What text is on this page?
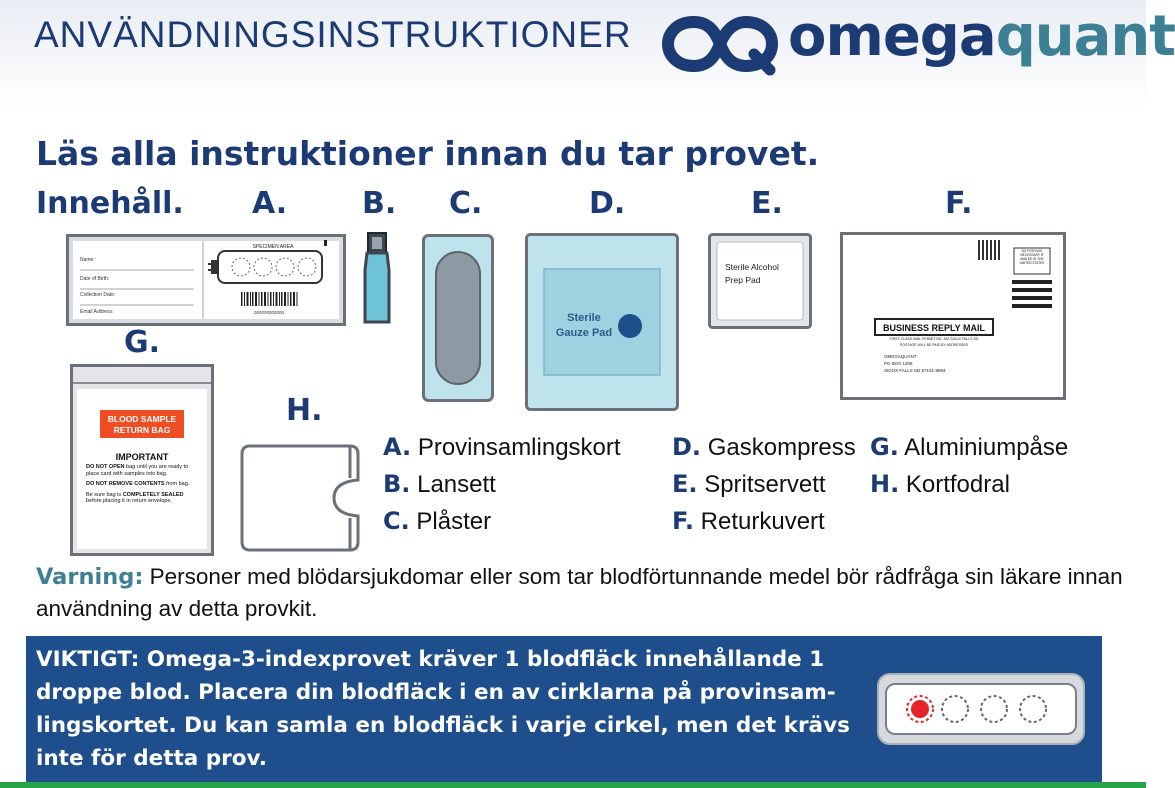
ANVÄNDNINGSINSTRUKTIONER	omegaquant
Läs alla instruktioner innan du tar provet.
Innehåll. A. B. C.	D.	E.	F.
G.
H.
Name:
Date of Birth:
Collection Date:
Email Address:
SPECIMEN AREA
000000000000	Sterile
Gauze Pad
Sterile Alcohol
Prep Pad
NO POSTAGE NECESSARY IF MAILED IN THE UNITED STATES
BUSINESS REPLY MAIL
FIRST-CLASS MAIL PERMIT NO. 392 SIOUX FALLS SD
POSTAGE WILL BE PAID BY ADDRESSEE
OMEGAQUANT
PO BOX 1208
SIOUX FALLS SD 57101-9894
BLOOD SAMPLE
RETURN BAG
IMPORTANT

DO NOT OPEN bag until you are ready to place card with samples into bag.

DO NOT REMOVE CONTENTS from bag.

Be sure bag is COMPLETELY SEALED before placing it in return envelope.

A. Provinsamlingskort
B. Lansett
C. Plåster
D. Gaskompress
E. Spritservett
F. Returkuvert
G. Aluminiumpåse
H. Kortfodral
Varning: Personer med blödarsjukdomar eller som tar blodförtunnande medel bör rådfråga sin läkare innan användning av detta provkit.
VIKTIGT: Omega-3-indexprovet kräver 1 blodfläck innehållande 1 droppe blod. Placera din blodfläck i en av cirklarna på provinsam-lingskortet. Du kan samla en blodfläck i varje cirkel, men det krävs inte för detta prov.
